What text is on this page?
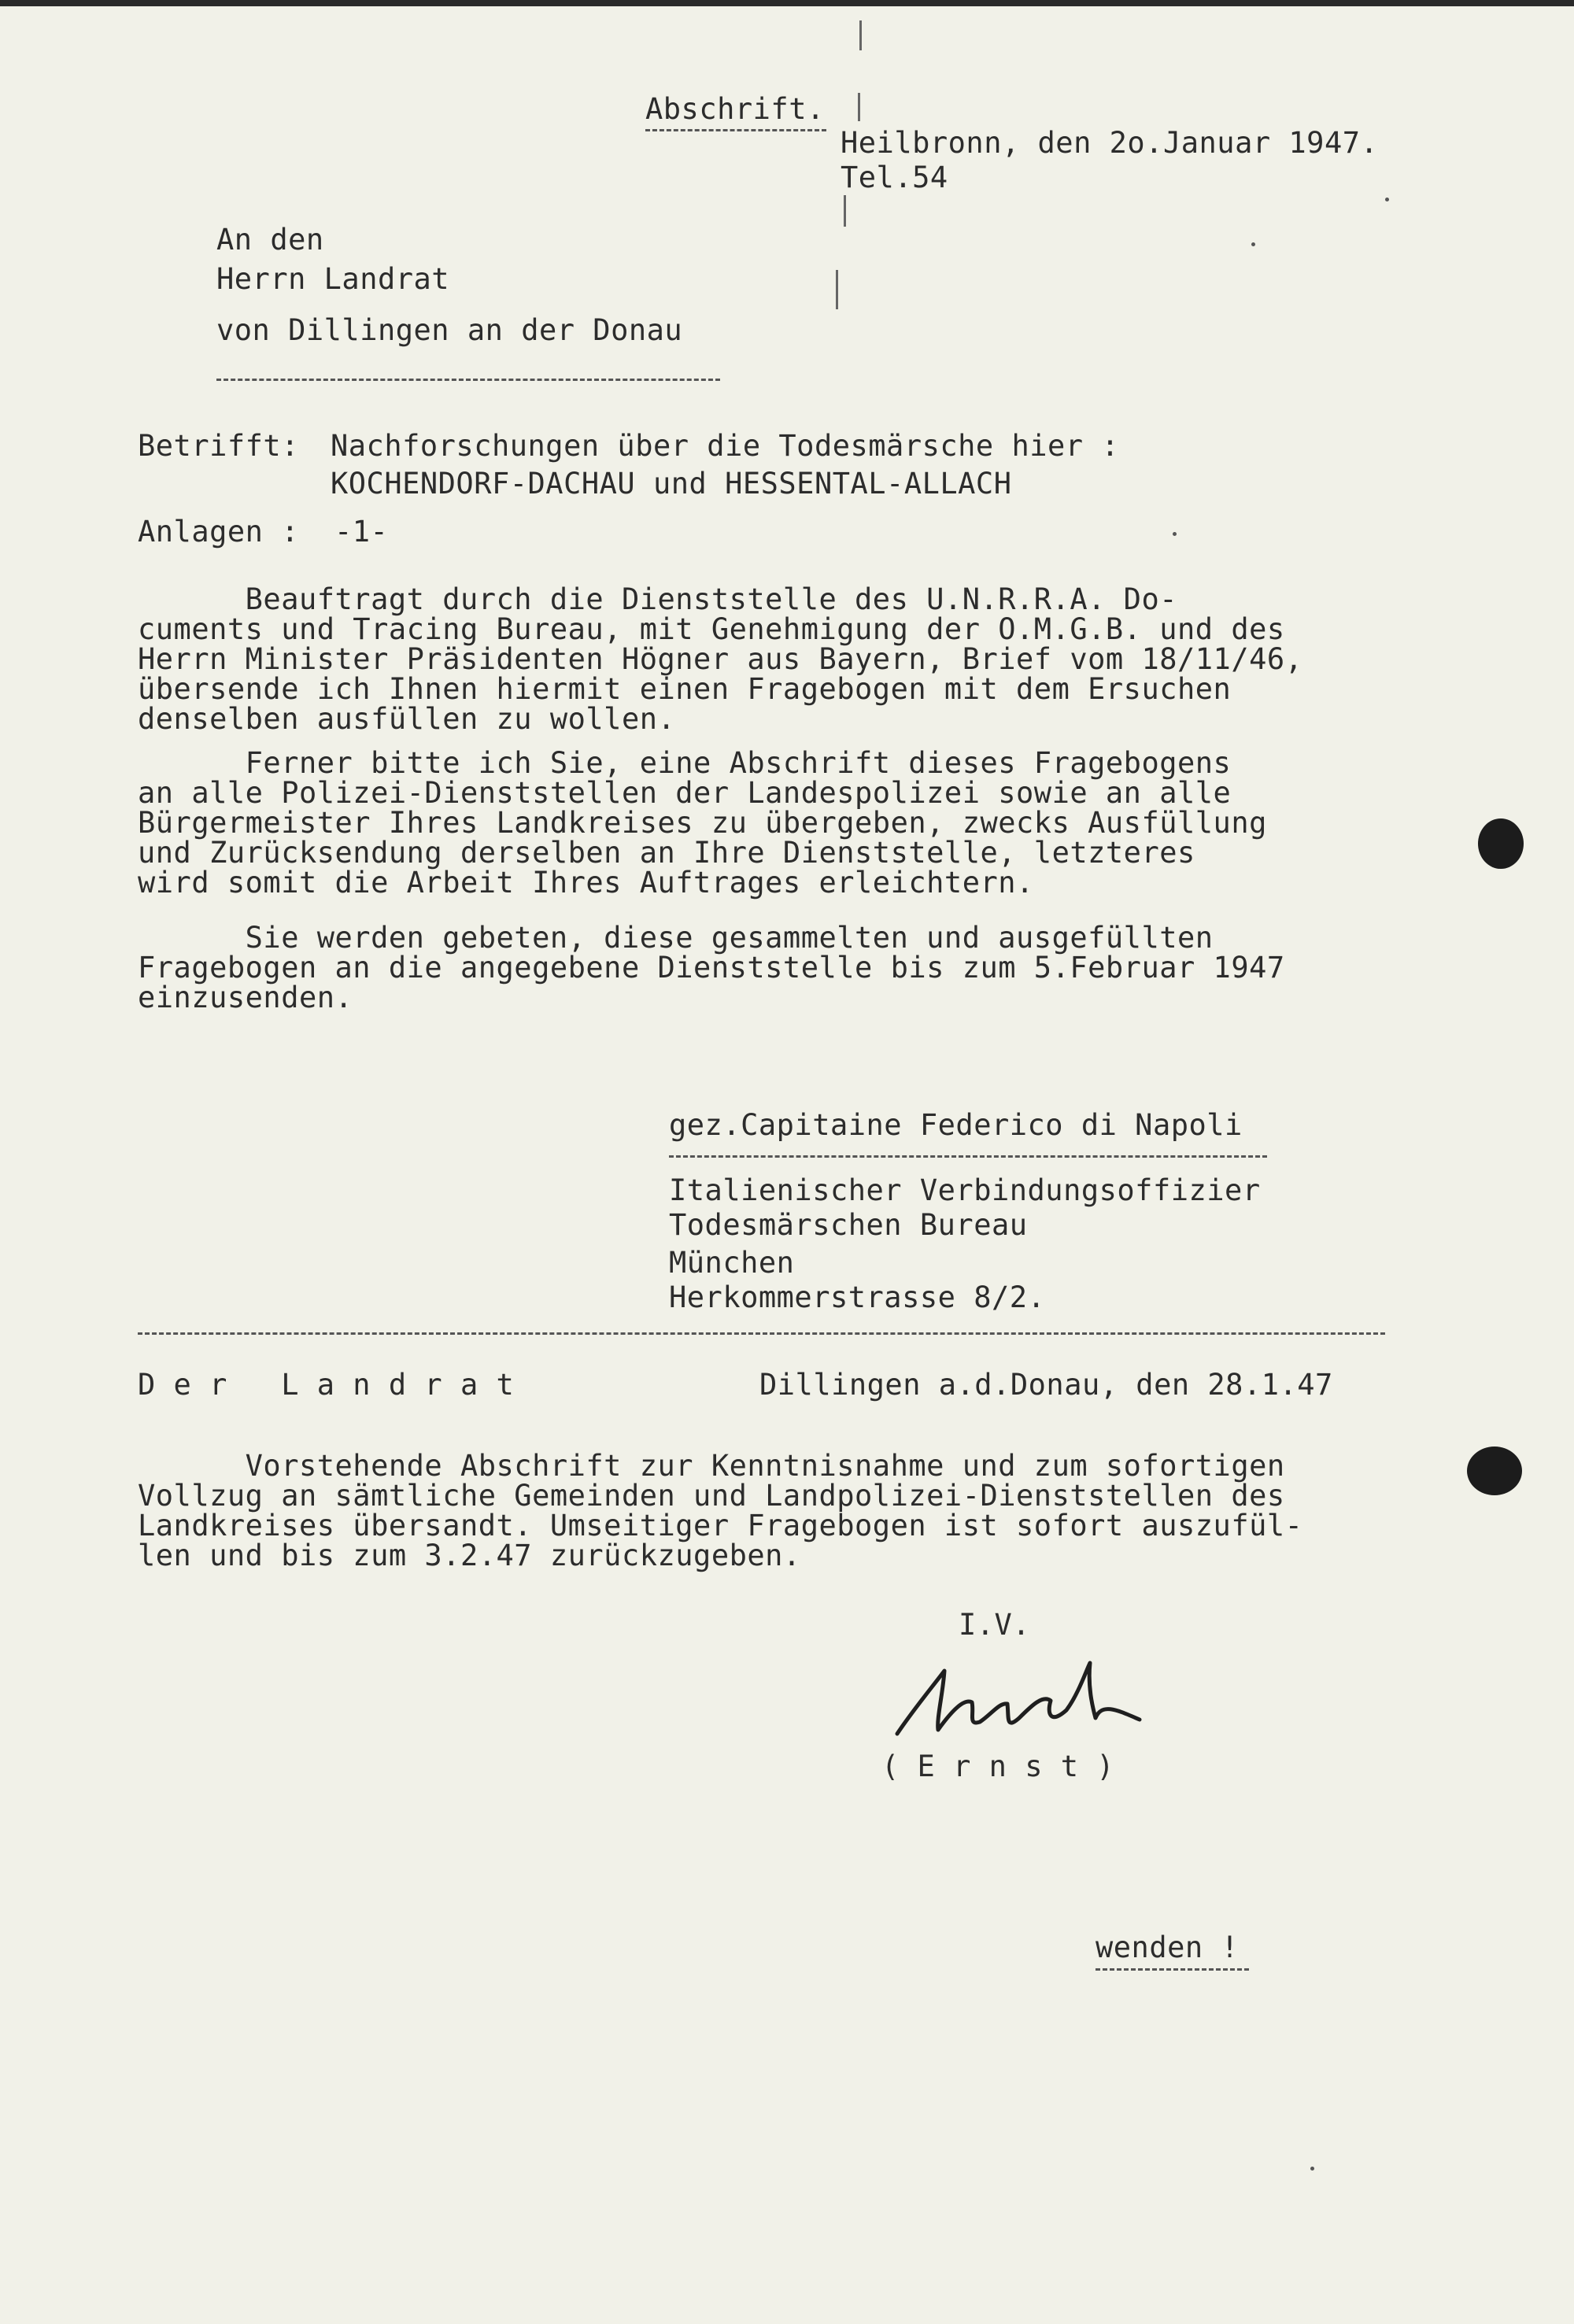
Abschrift.
Heilbronn, den 2o.Januar 1947.
Tel.54
An den
Herrn Landrat
von Dillingen an der Donau
Betrifft: Nachforschungen über die Todesmärsche hier :
KOCHENDORF-DACHAU und HESSENTAL-ALLACH
Anlagen : -1-
Beauftragt durch die Dienststelle des U.N.R.R.A. Do-
cuments und Tracing Bureau, mit Genehmigung der O.M.G.B. und des
Herrn Minister Präsidenten Högner aus Bayern, Brief vom 18/11/46,
übersende ich Ihnen hiermit einen Fragebogen mit dem Ersuchen
denselben ausfüllen zu wollen.
Ferner bitte ich Sie, eine Abschrift dieses Fragebogens
an alle Polizei-Dienststellen der Landespolizei sowie an alle
Bürgermeister Ihres Landkreises zu übergeben, zwecks Ausfüllung
und Zurücksendung derselben an Ihre Dienststelle, letzteres
wird somit die Arbeit Ihres Auftrages erleichtern.
Sie werden gebeten, diese gesammelten und ausgefüllten
Fragebogen an die angegebene Dienststelle bis zum 5.Februar 1947
einzusenden.
gez.Capitaine Federico di Napoli
Italienischer Verbindungsoffizier
Todesmärschen Bureau
München
Herkommerstrasse 8/2.
D e r   L a n d r a t	Dillingen a.d.Donau, den 28.1.47
Vorstehende Abschrift zur Kenntnisnahme und zum sofortigen
Vollzug an sämtliche Gemeinden und Landpolizei-Dienststellen des
Landkreises übersandt. Umseitiger Fragebogen ist sofort auszufül-
len und bis zum 3.2.47 zurückzugeben.
I.V.
( E r n s t )
wenden !
